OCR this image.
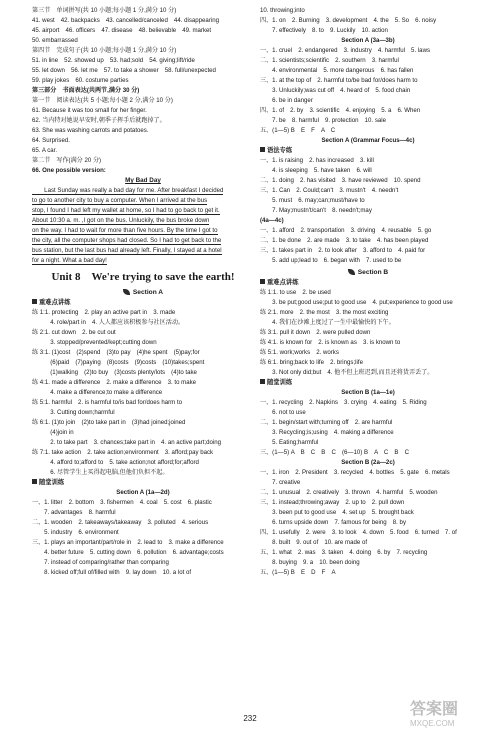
第三节　单词拼写(共 10 小题;每小题 1 分,满分 10 分)
41. west　42. backpacks　43. cancelled/canceled　44. disappearing
45. airport　46. officers　47. disease　48. believable　49. market
50. embarrassed
第四节　完成句子(共 10 小题;每小题 1 分,满分 10 分)
51. in line　52. showed up　53. had;sold　54. giving;lift/ride
55. let down　56. let me　57. to take a shower　58. full/unexpected
59. play jokes　60. costume parties
第三部分　书面表达(共两节,满分 30 分)
第一节　阅读表达(共 5 小题;每小题 2 分,满分 10 分)
61. Because it was too small for her finger.
62. 当内特对她说早安时,朝季子挥手后就跑掉了。
63. She was washing carrots and potatoes.
64. Surprised.
65. A car.
第二节　写作(满分 20 分)
66. One possible version:
My Bad Day
　　Last Sunday was really a bad day for me. After breakfast I decided
to go to another city to buy a computer. When I arrived at the bus
stop, I found I had left my wallet at home, so I had to go back to get it.
About 10:30 a. m. ,I got on the bus. Unluckily, the bus broke down
on the way. I had to wait for more than five hours. By the time I got to
the city, all the computer shops had closed. So I had to get back to the
bus station, but the last bus had already left. Finally, I stayed at a hotel
for a night. What a bad day!
Unit 8　We're trying to save the earth!
Section A
重难点讲练
练 1:1. protecting　2. play an active part in　3. made
　　　4. role/part in　4. 人人都应该积极参与社区活动。
练 2:1. cut down　2. be cut out
　　　3. stopped/prevented/kept;cutting down
练 3:1. (1)cost　(2)spend　(3)to pay　(4)he spent　(5)pay;for
　　　(6)paid　(7)paying　(8)costs　(9)costs　(10)takes;spent
　　　(1)walking　(2)to buy　(3)costs plenty/lots　(4)to take
练 4:1. made a difference　2. make a difference　3. to make
　　　4. make a difference;to make a difference
练 5:1. harmful　2. is harmful to/is bad for/does harm to
　　　3. Cutting down;harmful
练 6:1. (1)to join　(2)to take part in　(3)had joined;joined
　　　(4)join in
　　　2. to take part　3. chances;take part in　4. an active part;doing
练 7:1. take action　2. take action;environment　3. afford;pay back
　　　4. afford to;afford to　5. take action;not afford;for;afford
　　　6. 尽管学生上买得起电脑,但他们负担不起。
随堂训练
Section A (1a—2d)
一、1. litter　2. bottom　3. fishermen　4. coal　5. cost　6. plastic
　　7. advantages　8. harmful
二、1. wooden　2. takeaways/takeaway　3. polluted　4. serious
　　5. industry　6. environment
三、1. plays an important/part/role in　2. lead to　3. make a difference
　　4. better future　5. cutting down　6. pollution　6. advantage;costs
　　7. instead of comparing/rather than comparing
　　8. kicked off;full of/filled with　9. lay down　10. a lot of
10. throwing;into
四、1. on　2. Burning　3. development　4. the　5. So　6. noisy
　　7. effectively　8. to　9. Luckily　10. action
Section A (3a—3b)
一、1. cruel　2. endangered　3. industry　4. harmful　5. laws
二、1. scientists;scientific　2. southern　3. harmful
　　4. environmental　5. more dangerous　6. has fallen
三、1. at the top of　2. harmful to/be bad for/does harm to
　　3. Unluckily;was cut off　4. heard of　5. food chain
　　6. be in danger
四、1. of　2. by　3. scientific　4. enjoying　5. a　6. When
　　7. be　8. harmful　9. protection　10. sale
五、(1—5) B　E　F　A　C
Section A (Grammar Focus—4c)
语法专练
一、1. is raising　2. has increased　3. kill
　　4. is sleeping　5. have taken　6. will
二、1. doing　2. has visited　3. have reviewed　10. spend
三、1. Can　2. Could;can't　3. mustn't　4. needn't
　　5. must　6. may;can;must/have to
　　7. May;mustn't/can't　8. needn't;may
(4a—4c)
一、1. afford　2. transportation　3. driving　4. reusable　5. go
二、1. be done　2. are made　3. to take　4. has been played
三、1. takes part in　2. to look after　3. afford to　4. paid for
　　5. add up;lead to　6. began with　7. used to be
Section B
重难点讲练
练 1:1. to use　2. be used
　　3. be put;good use;put to good use　4. put;experience to good use
练 2:1. more　2. the most　3. the most exciting
　　4. 我们在沙滩上度过了一生中最愉快的下午。
练 3:1. pull it down　2. were pulled down
练 4:1. is known for　2. is known as　3. is known to
练 5:1. work;works　2. works
练 6:1. bring;back to life　2. brings;life
　　3. Not only did;but　4. 他不但上班迟到,而且还将货弄丢了。
随堂训练
Section B (1a—1e)
一、1. recycling　2. Napkins　3. crying　4. eating　5. Riding
　　6. not to use
二、1. begin/start with;turning off　2. are harmful
　　3. Recycling;is;using　4. making a difference
　　5. Eating;harmful
三、(1—5) A　B　C　B　C　(6—10) B　A　C　B　C
Section B (2a—2c)
一、1. iron　2. President　3. recycled　4. bottles　5. gate　6. metals
　　7. creative
二、1. unusual　2. creatively　3. thrown　4. harmful　5. wooden
三、1. instead;throwing;away　2. up to　2. pull down
　　3. been put to good use　4. set up　5. brought back
　　6. turns upside down　7. famous for being　8. by
四、1. usefully　2. were　3. to look　4. down　5. food　6. turned　7. of
　　8. built　9. out of　10. are made of
五、1. what　2. was　3. taken　4. doing　6. by　7. recycling
　　8. buying　9. a　10. been doing
五、(1—5) B　E　D　F　A
232
答案圈
MXQE.COM
